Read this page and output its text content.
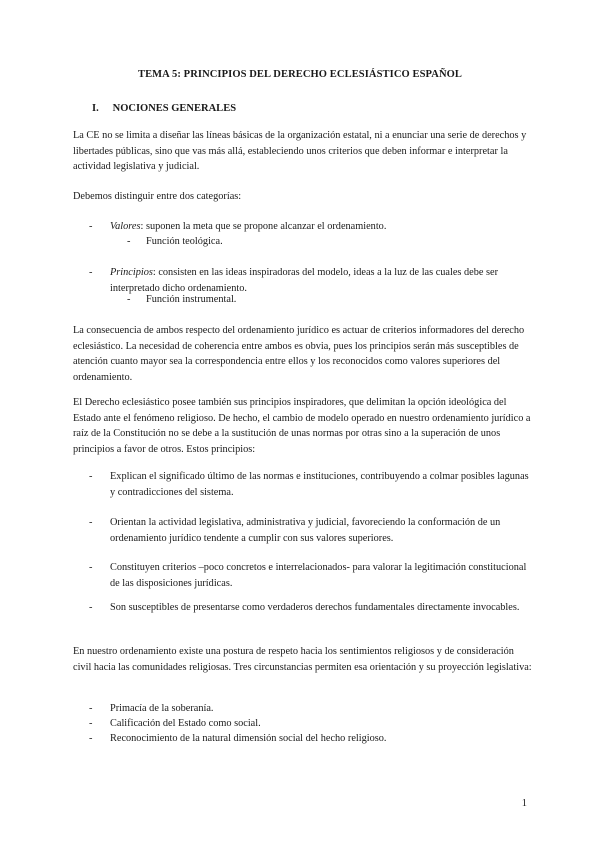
TEMA 5: PRINCIPIOS DEL DERECHO ECLESIÁSTICO ESPAÑOL
I. NOCIONES GENERALES

La CE no se limita a diseñar las líneas básicas de la organización estatal, ni a enunciar una serie de derechos y libertades públicas, sino que vas más allá, estableciendo unos criterios que deben informar e interpretar la actividad legislativa y judicial.

Debemos distinguir entre dos categorías:

- Valores: suponen la meta que se propone alcanzar el ordenamiento.
- Función teológica.
- Principios: consisten en las ideas inspiradoras del modelo, ideas a la luz de las cuales debe ser interpretado dicho ordenamiento.
- Función instrumental.

La consecuencia de ambos respecto del ordenamiento jurídico es actuar de criterios informadores del derecho eclesiástico. La necesidad de coherencia entre ambos es obvia, pues los principios serán más susceptibles de atención cuanto mayor sea la correspondencia entre ellos y los reconocidos como valores superiores del ordenamiento.

El Derecho eclesiástico posee también sus principios inspiradores, que delimitan la opción ideológica del Estado ante el fenómeno religioso. De hecho, el cambio de modelo operado en nuestro ordenamiento jurídico a raíz de la Constitución no se debe a la sustitución de unas normas por otras sino a la superación de unos principios a favor de otros. Estos principios:

- Explican el significado último de las normas e instituciones, contribuyendo a colmar posibles lagunas y contradicciones del sistema.
- Orientan la actividad legislativa, administrativa y judicial, favoreciendo la conformación de un ordenamiento jurídico tendente a cumplir con sus valores superiores.
- Constituyen criterios –poco concretos e interrelacionados- para valorar la legitimación constitucional de las disposiciones jurídicas.
- Son susceptibles de presentarse como verdaderos derechos fundamentales directamente invocables.

En nuestro ordenamiento existe una postura de respeto hacia los sentimientos religiosos y de consideración civil hacia las comunidades religiosas. Tres circunstancias permiten esa orientación y su proyección legislativa:

- Primacía de la soberanía.
- Calificación del Estado como social.
- Reconocimiento de la natural dimensión social del hecho religioso.
1
